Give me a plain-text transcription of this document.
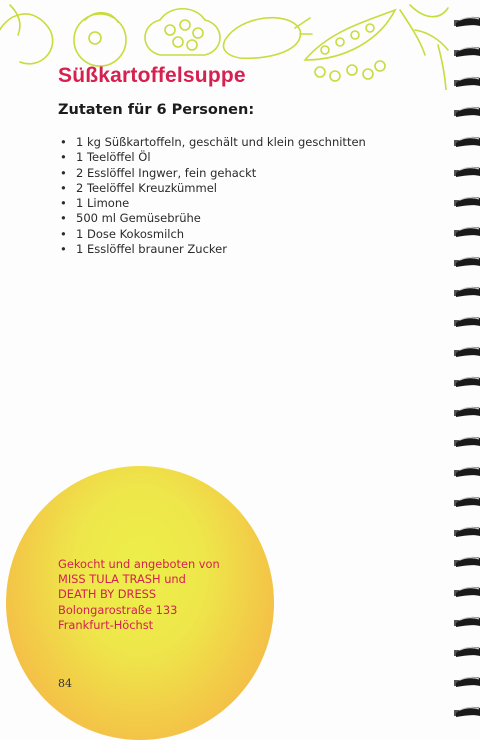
Süßkartoffelsuppe
Zutaten für 6 Personen:
• 1 kg Süßkartoffeln, geschält und klein geschnitten
• 1 Teelöffel Öl
• 2 Esslöffel Ingwer, fein gehackt
• 2 Teelöffel Kreuzkümmel
• 1 Limone
• 500 ml Gemüsebrühe
• 1 Dose Kokosmilch
• 1 Esslöffel brauner Zucker
Gekocht und angeboten von
MISS TULA TRASH und
DEATH BY DRESS
Bolongarostraße 133
Frankfurt-Höchst
84
